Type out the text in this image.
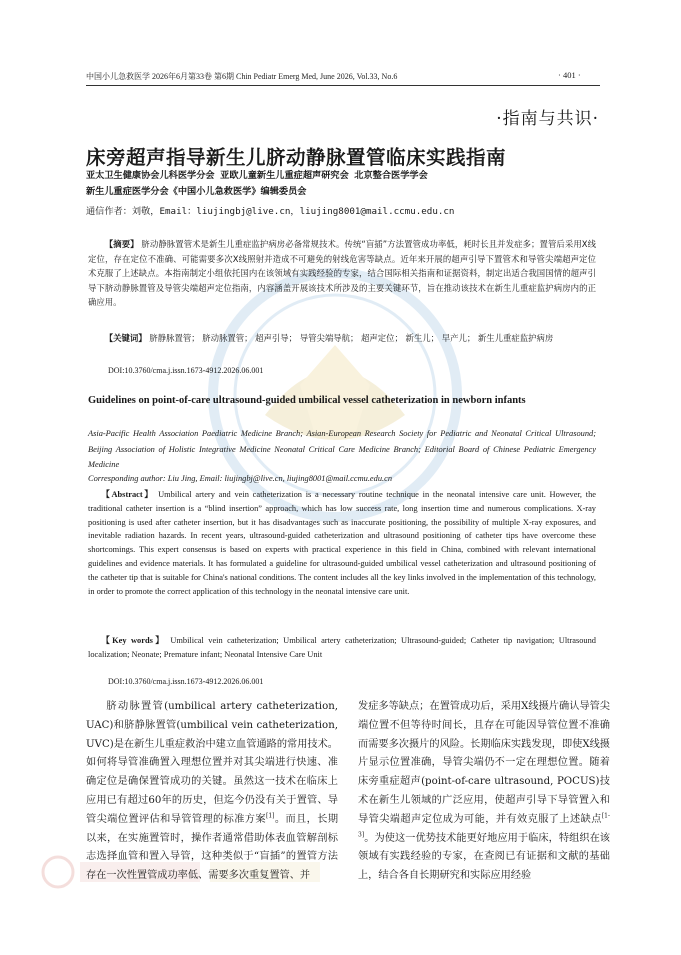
中国小儿急救医学 2026年6月第33卷 第6期 Chin Pediatr Emerg Med, June 2026, Vol.33, No.6	· 401 ·
·指南与共识·
床旁超声指导新生儿脐动静脉置管临床实践指南
亚太卫生健康协会儿科医学分会 亚欧儿童新生儿重症超声研究会 北京整合医学学会
新生儿重症医学分会《中国小儿急救医学》编辑委员会
通信作者：刘敬，Email：liujingbj@live.cn，liujing8001@mail.ccmu.edu.cn

【摘要】 脐动静脉置管术是新生儿重症监护病房必备常规技术。传统“盲插”方法置管成功率低，耗时长且并发症多；置管后采用X线定位，存在定位不准确、可能需要多次X线照射并造成不可避免的射线危害等缺点。近年来开展的超声引导下置管术和导管尖端超声定位术克服了上述缺点。本指南制定小组依托国内在该领域有实践经验的专家，结合国际相关指南和证据资料，制定出适合我国国情的超声引导下脐动静脉置管及导管尖端超声定位指南，内容涵盖开展该技术所涉及的主要关键环节，旨在推动该技术在新生儿重症监护病房内的正确应用。

【关键词】 脐静脉置管； 脐动脉置管； 超声引导； 导管尖端导航； 超声定位； 新生儿； 早产儿； 新生儿重症监护病房

DOI:10.3760/cma.j.issn.1673-4912.2026.06.001
Guidelines on point-of-care ultrasound-guided umbilical vessel catheterization in newborn infants
Asia-Pacific Health Association Paediatric Medicine Branch; Asian-European Research Society for Pediatric and Neonatal Critical Ultrasound; Beijing Association of Holistic Integrative Medicine Neonatal Critical Care Medicine Branch; Editorial Board of Chinese Pediatric Emergency Medicine
Corresponding author: Liu Jing, Email: liujingbj@live.cn, liujing8001@mail.ccmu.edu.cn

【Abstract】 Umbilical artery and vein catheterization is a necessary routine technique in the neonatal intensive care unit. However, the traditional catheter insertion is a “blind insertion” approach, which has low success rate, long insertion time and numerous complications. X-ray positioning is used after catheter insertion, but it has disadvantages such as inaccurate positioning, the possibility of multiple X-ray exposures, and inevitable radiation hazards. In recent years, ultrasound-guided catheterization and ultrasound positioning of catheter tips have overcome these shortcomings. This expert consensus is based on experts with practical experience in this field in China, combined with relevant international guidelines and evidence materials. It has formulated a guideline for ultrasound-guided umbilical vessel catheterization and ultrasound positioning of the catheter tip that is suitable for China's national conditions. The content includes all the key links involved in the implementation of this technology, in order to promote the correct application of this technology in the neonatal intensive care unit.

【Key words】 Umbilical vein catheterization; Umbilical artery catheterization; Ultrasound-guided; Catheter tip navigation; Ultrasound localization; Neonate; Premature infant; Neonatal Intensive Care Unit

DOI:10.3760/cma.j.issn.1673-4912.2026.06.001

脐动脉置管(umbilical artery catheterization, UAC)和脐静脉置管(umbilical vein catheterization, UVC)是在新生儿重症救治中建立血管通路的常用技术。如何将导管准确置入理想位置并对其尖端进行快速、准确定位是确保置管成功的关键。虽然这一技术在临床上应用已有超过60年的历史，但迄今仍没有关于置管、导管尖端位置评估和导管管理的标准方案[1]。而且，长期以来，在实施置管时，操作者通常借助体表血管解剖标志选择血管和置入导管，这种类似于“盲插”的置管方法存在一次性置管成功率低、需要多次重复置管、并

发症多等缺点；在置管成功后，采用X线摄片确认导管尖端位置不但等待时间长，且存在可能因导管位置不准确而需要多次摄片的风险。长期临床实践发现，即使X线摄片显示位置准确，导管尖端仍不一定在理想位置。随着床旁重症超声(point-of-care ultrasound, POCUS)技术在新生儿领域的广泛应用，使超声引导下导管置入和导管尖端超声定位成为可能，并有效克服了上述缺点[1-3]。为使这一优势技术能更好地应用于临床，特组织在该领域有实践经验的专家，在查阅已有证据和文献的基础上，结合各自长期研究和实际应用经验
